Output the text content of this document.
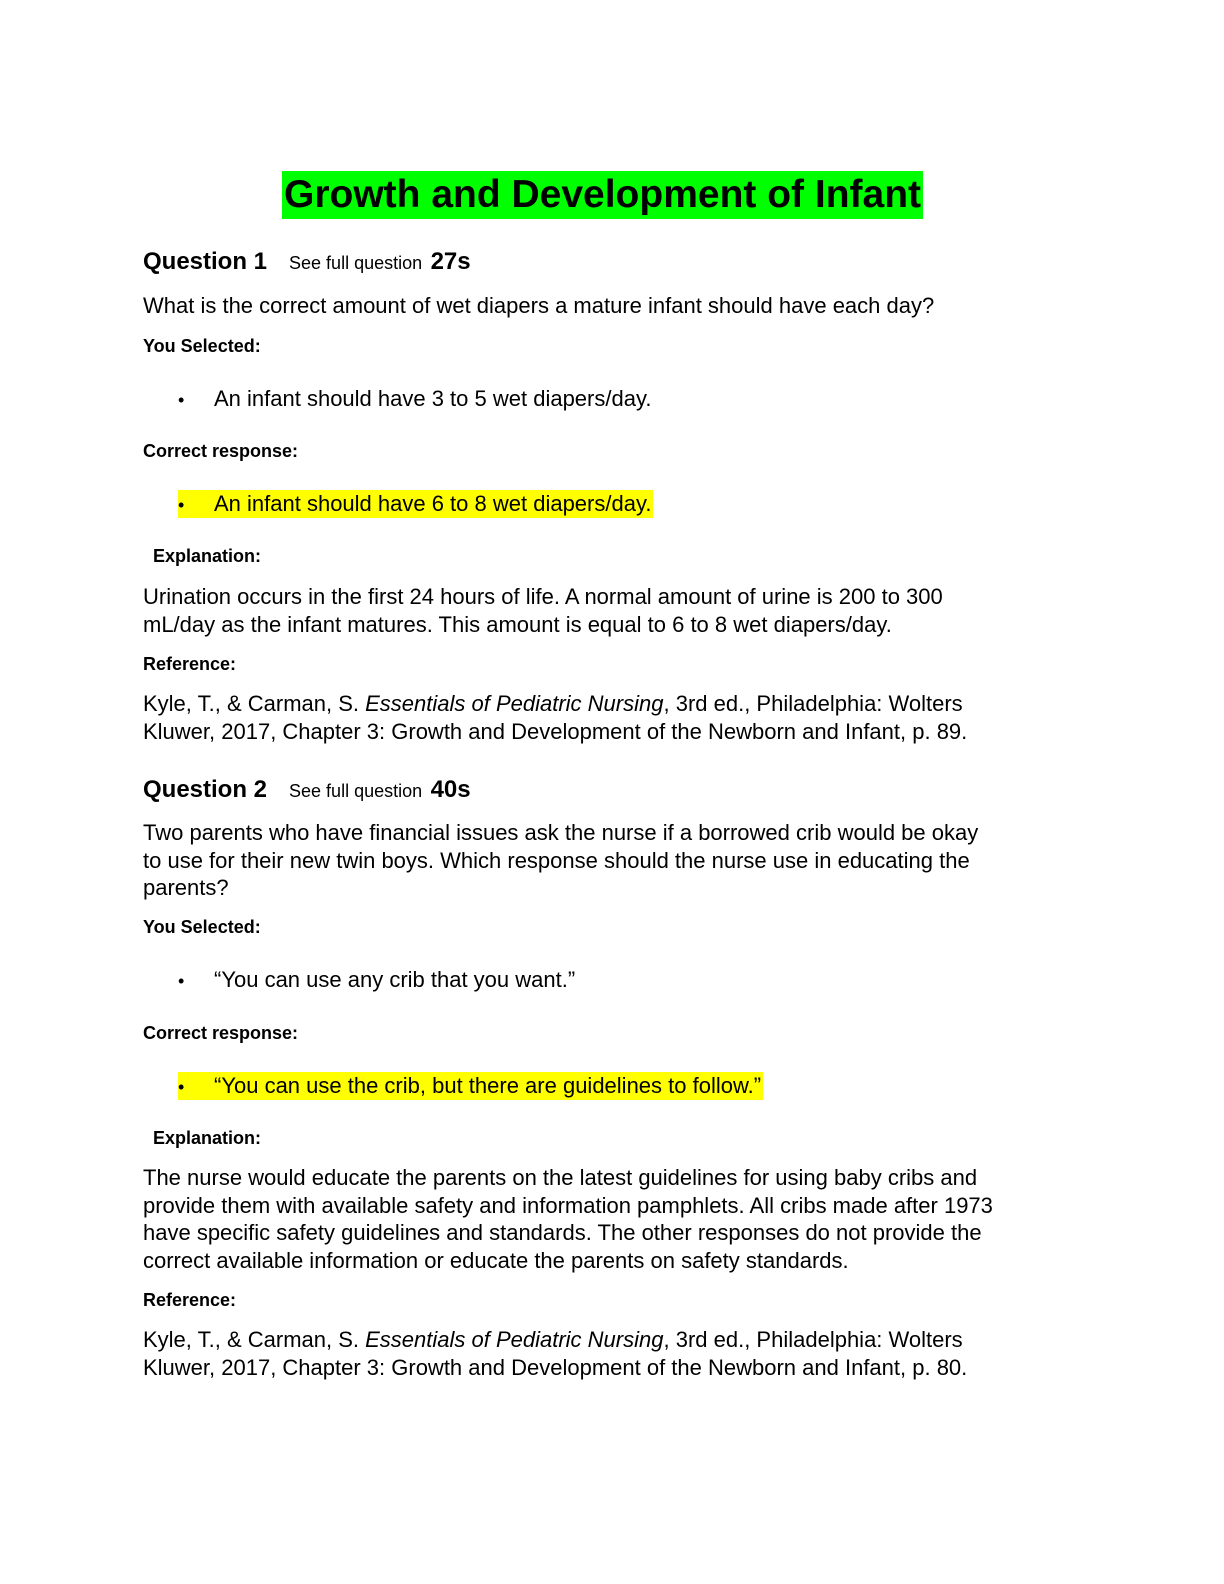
Growth and Development of Infant
Question 1 See full question 27s
What is the correct amount of wet diapers a mature infant should have each day?
You Selected:
• An infant should have 3 to 5 wet diapers/day.
Correct response:
• An infant should have 6 to 8 wet diapers/day.
Explanation:
Urination occurs in the first 24 hours of life. A normal amount of urine is 200 to 300
mL/day as the infant matures. This amount is equal to 6 to 8 wet diapers/day.
Reference:
Kyle, T., & Carman, S. Essentials of Pediatric Nursing, 3rd ed., Philadelphia: Wolters
Kluwer, 2017, Chapter 3: Growth and Development of the Newborn and Infant, p. 89.
Question 2 See full question 40s
Two parents who have financial issues ask the nurse if a borrowed crib would be okay
to use for their new twin boys. Which response should the nurse use in educating the
parents?
You Selected:
• “You can use any crib that you want.”
Correct response:
• “You can use the crib, but there are guidelines to follow.”
Explanation:
The nurse would educate the parents on the latest guidelines for using baby cribs and
provide them with available safety and information pamphlets. All cribs made after 1973
have specific safety guidelines and standards. The other responses do not provide the
correct available information or educate the parents on safety standards.
Reference:
Kyle, T., & Carman, S. Essentials of Pediatric Nursing, 3rd ed., Philadelphia: Wolters
Kluwer, 2017, Chapter 3: Growth and Development of the Newborn and Infant, p. 80.
